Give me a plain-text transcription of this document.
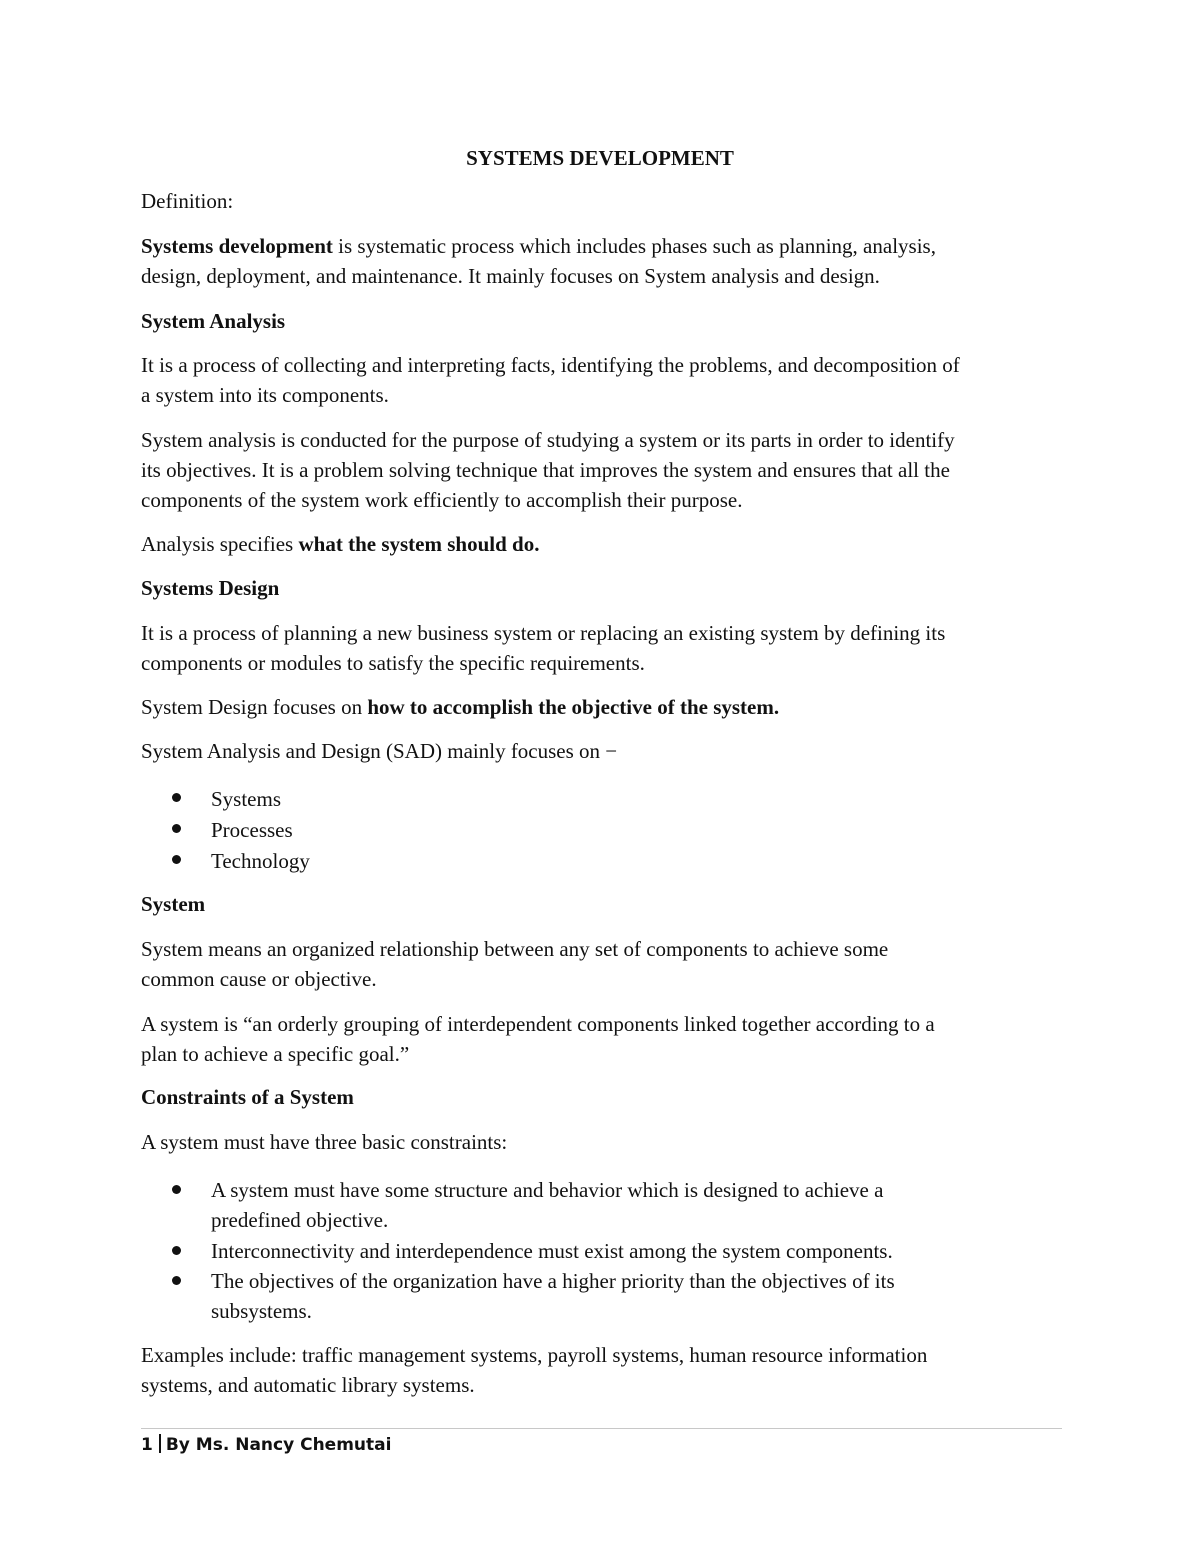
SYSTEMS DEVELOPMENT

Definition:

Systems development is systematic process which includes phases such as planning, analysis,

design, deployment, and maintenance. It mainly focuses on System analysis and design.

System Analysis

It is a process of collecting and interpreting facts, identifying the problems, and decomposition of

a system into its components.

System analysis is conducted for the purpose of studying a system or its parts in order to identify

its objectives. It is a problem solving technique that improves the system and ensures that all the

components of the system work efficiently to accomplish their purpose.

Analysis specifies what the system should do.

Systems Design

It is a process of planning a new business system or replacing an existing system by defining its

components or modules to satisfy the specific requirements.

System Design focuses on how to accomplish the objective of the system.

System Analysis and Design (SAD) mainly focuses on −

Systems

Processes

Technology

System

System means an organized relationship between any set of components to achieve some

common cause or objective.

A system is “an orderly grouping of interdependent components linked together according to a

plan to achieve a specific goal.”

Constraints of a System

A system must have three basic constraints:

A system must have some structure and behavior which is designed to achieve a

predefined objective.

Interconnectivity and interdependence must exist among the system components.

The objectives of the organization have a higher priority than the objectives of its

subsystems.

Examples include: traffic management systems, payroll systems, human resource information

systems, and automatic library systems.

1 By Ms. Nancy Chemutai
